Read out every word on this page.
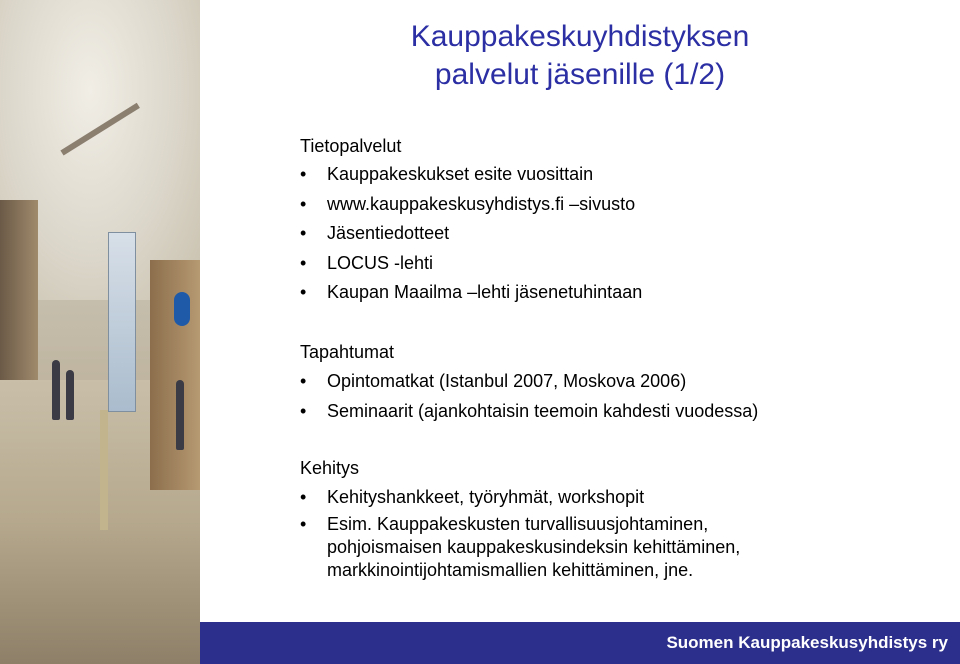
Kauppakeskuyhdistyksen
palvelut jäsenille (1/2)
Tietopalvelut
• Kauppakeskukset esite vuosittain
• www.kauppakeskusyhdistys.fi –sivusto
• Jäsentiedotteet
• LOCUS -lehti
• Kaupan Maailma –lehti jäsenetuhintaan
Tapahtumat
• Opintomatkat (Istanbul 2007, Moskova 2006)
• Seminaarit (ajankohtaisin teemoin kahdesti vuodessa)
Kehitys
• Kehityshankkeet, työryhmät, workshopit
• Esim. Kauppakeskusten turvallisuusjohtaminen,
pohjoismaisen kauppakeskusindeksin kehittäminen,
markkinointijohtamismallien kehittäminen, jne.
Suomen Kauppakeskusyhdistys ry
